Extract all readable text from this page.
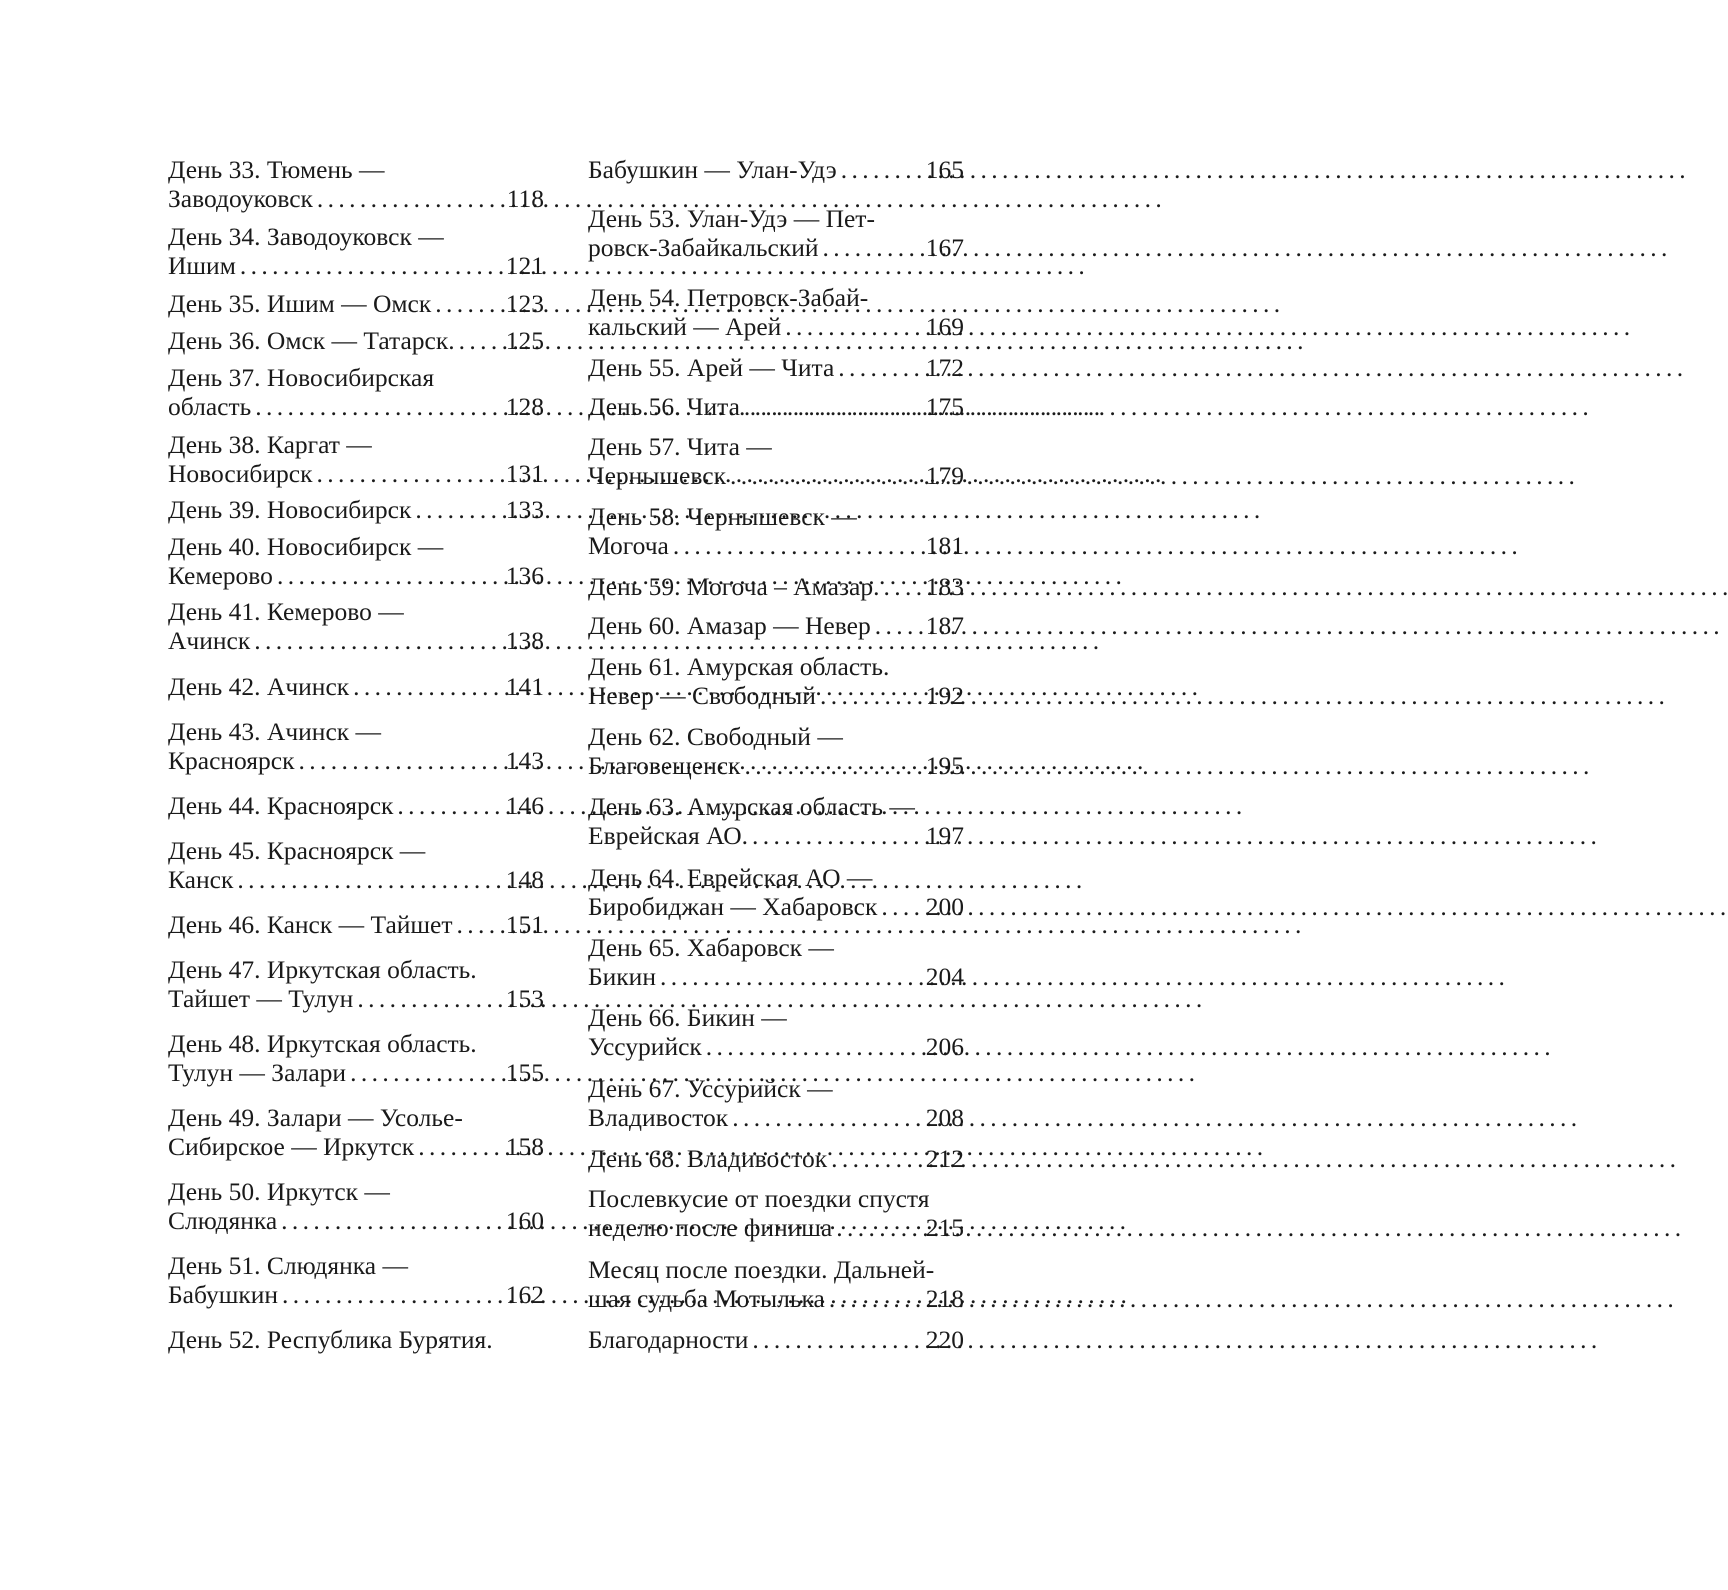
День 33. Тюмень —
Заводоуковск . . .	118
День 34. Заводоуковск —
Ишим . . .	121
День 35. Ишим — Омск . . .	123
День 36. Омск — Татарск. . . . 125
День 37. Новосибирская
область . . .	128
День 38. Каргат —
Новосибирск . . .	131
День 39. Новосибирск . . .	133
День 40. Новосибирск —
Кемерово . . .	136
День 41. Кемерово —
Ачинск . . .	138
День 42. Ачинск . . .	141
День 43. Ачинск —
Красноярск . . .	143
День 44. Красноярск . . .	146
День 45. Красноярск —
Канск . . .	148
День 46. Канск — Тайшет . . . 151
День 47. Иркутская область.
Тайшет — Тулун . . .	153
День 48. Иркутская область.
Тулун — Залари . . .	155
День 49. Залари — Усолье-
Сибирское — Иркутск . . .	158
День 50. Иркутск —
Слюдянка . . .	160
День 51. Слюдянка —
Бабушкин . . .	162
День 52. Республика Бурятия.
Бабушкин — Улан-Удэ . . .	165
День 53. Улан-Удэ — Пет-
ровск-Забайкальский . . .	167
День 54. Петровск-Забай-
кальский — Арей . . .	169
День 55. Арей — Чита . . .	172
День 56. Чита . . .	175
День 57. Чита —
Чернышевск . . .	179
День 58. Чернышевск —
Могоча . . .	181
День 59. Могоча – Амазар. . . . 183
День 60. Амазар — Невер . . . 187
День 61. Амурская область.
Невер — Свободный . . .	192
День 62. Свободный —
Благовещенск . . .	195
День 63. Амурская область —
Еврейская АО. . . .	197
День 64. Еврейская АО —
Биробиджан — Хабаровск . . . 200
День 65. Хабаровск —
Бикин . . .	204
День 66. Бикин —
Уссурийск . . .	206
День 67. Уссурийск —
Владивосток . . .	208
День 68. Владивосток . . .	212
Послевкусие от поездки спустя
неделю после финиша . . .	215
Месяц после поездки. Дальней-
шая судьба Мотылька . . .	218
Благодарности . . .	220
